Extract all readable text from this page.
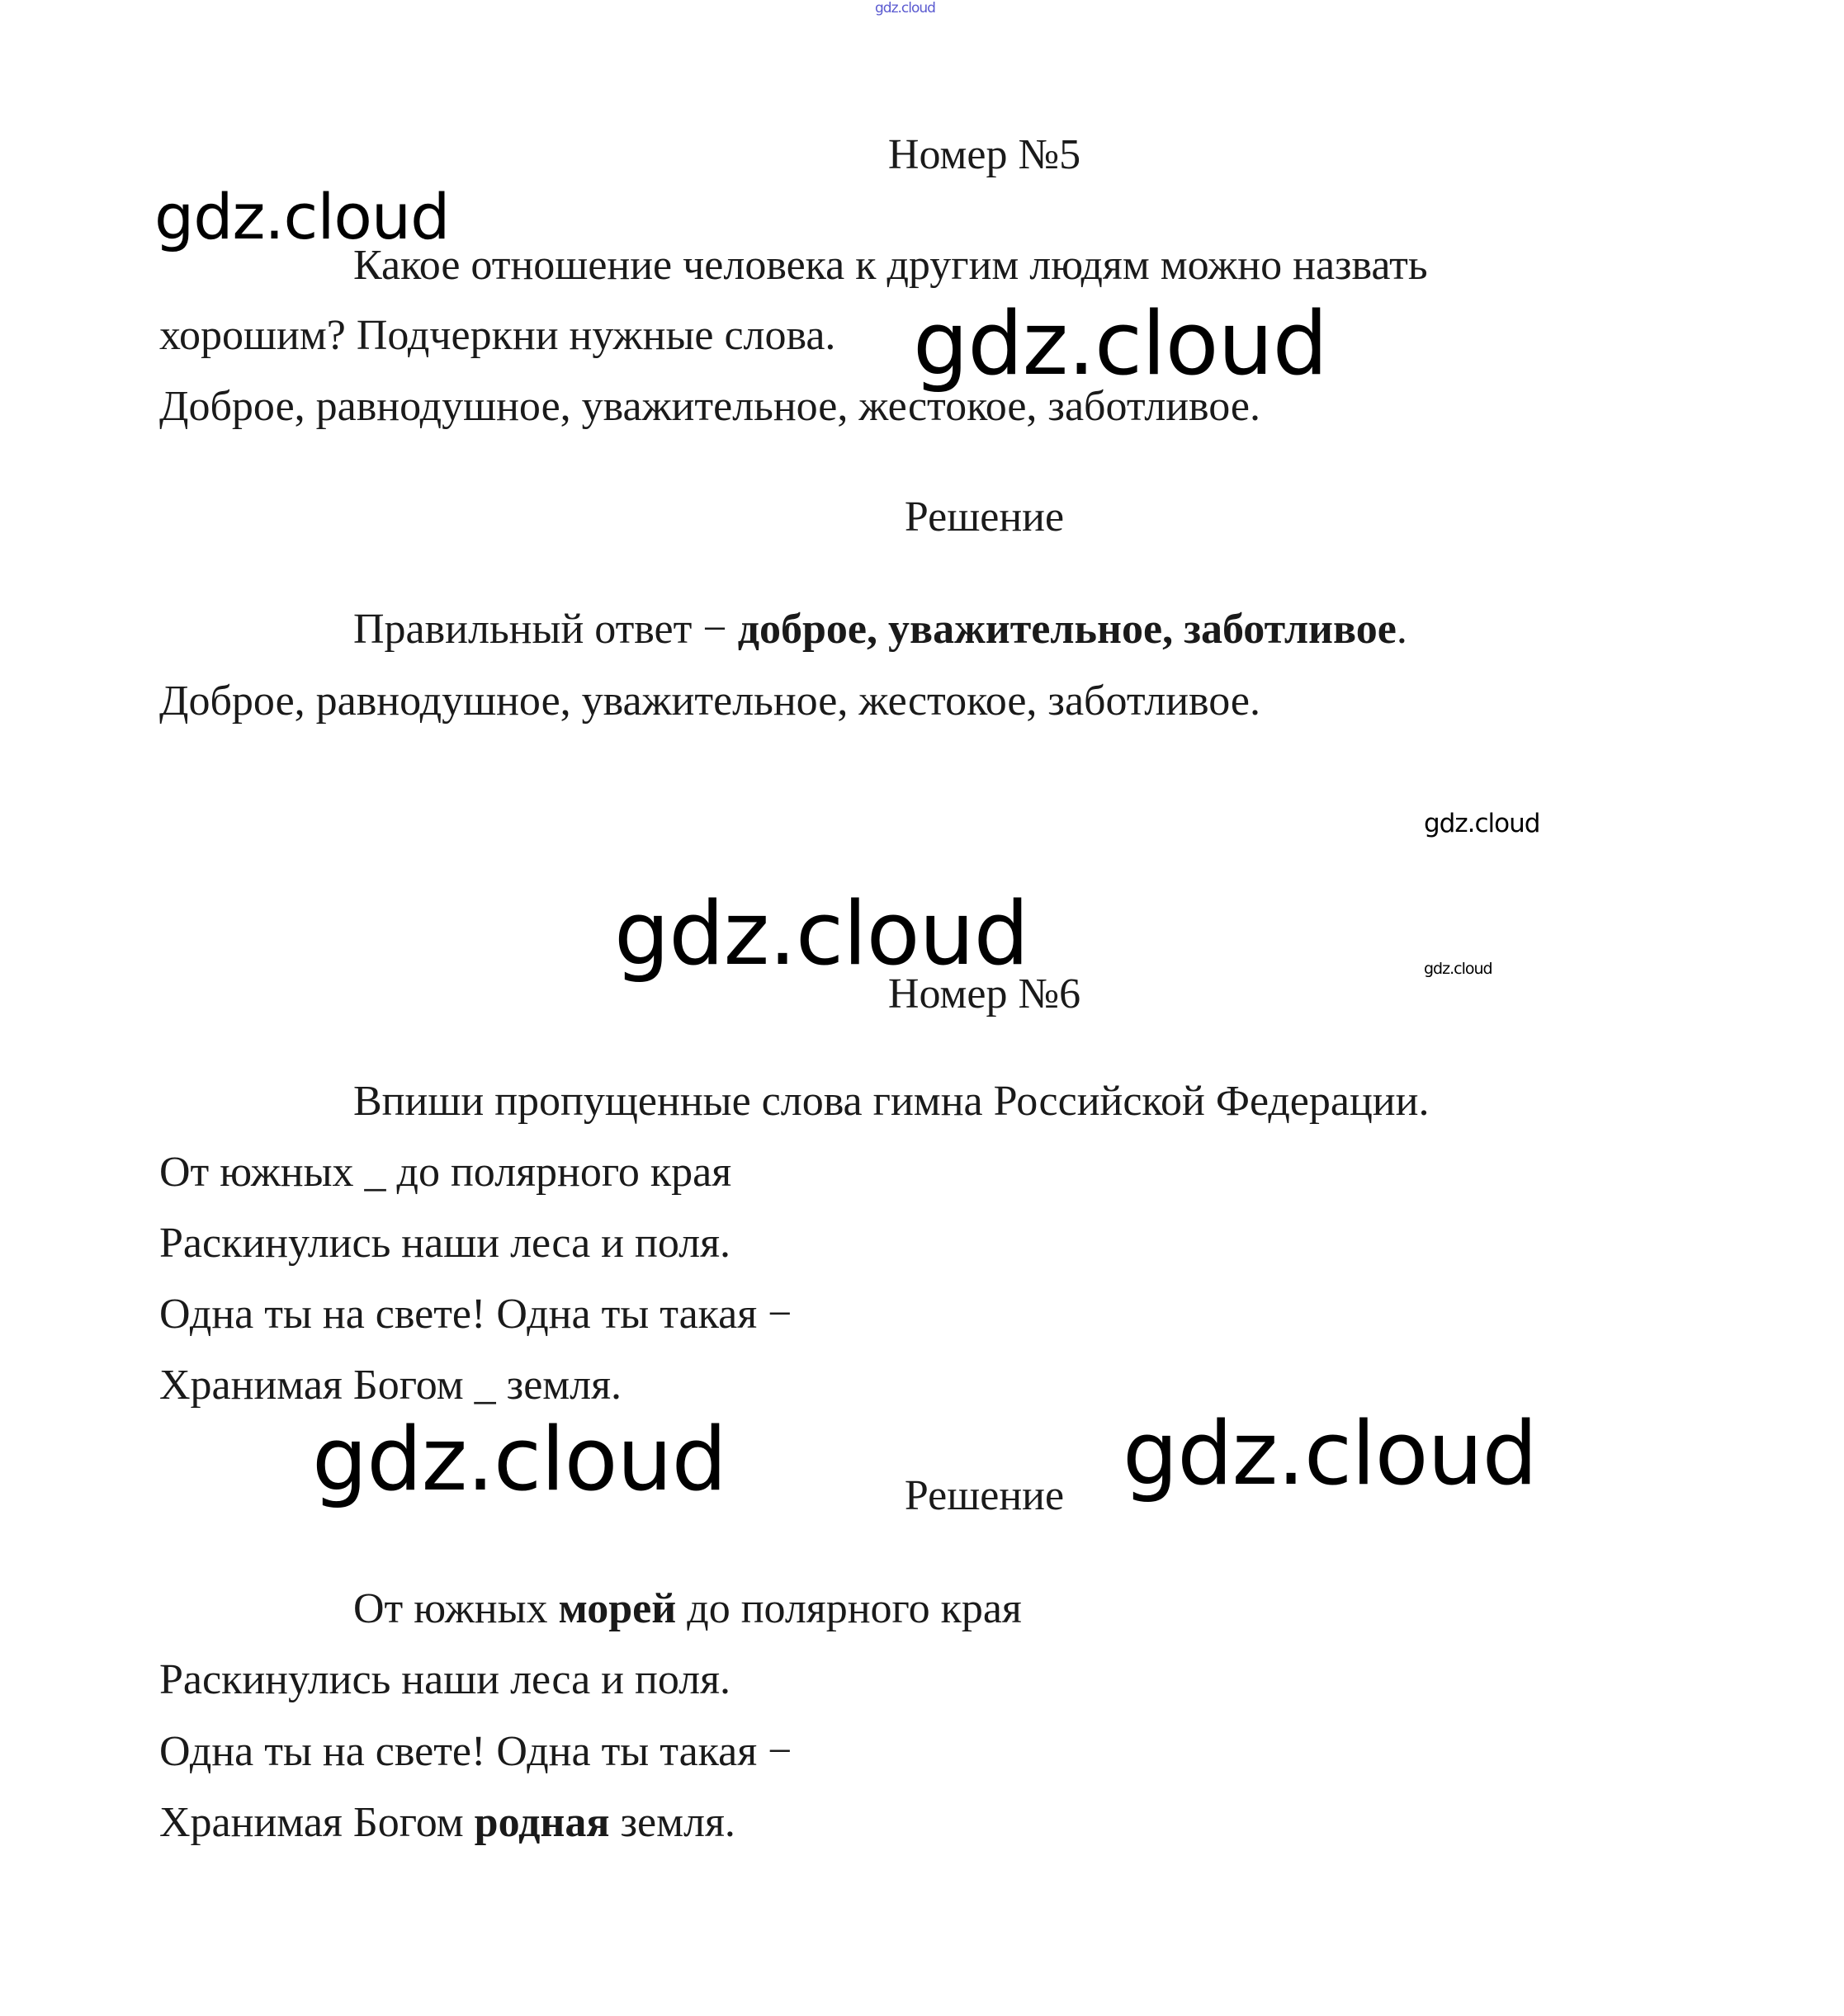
gdz.cloud
gdz.cloud
gdz.cloud
gdz.cloud
gdz.cloud	gdz.cloud
gdz.cloud	gdz.cloud
Номер №5
Какое отношение человека к другим людям можно назвать
хорошим? Подчеркни нужные слова.
Доброе, равнодушное, уважительное, жестокое, заботливое.
Решение
Правильный ответ − доброе, уважительное, заботливое.
Доброе, равнодушное, уважительное, жестокое, заботливое.
Номер №6
Впиши пропущенные слова гимна Российской Федерации.
От южных _ до полярного края
Раскинулись наши леса и поля.
Одна ты на свете! Одна ты такая −
Хранимая Богом _ земля.
Решение
От южных морей до полярного края
Раскинулись наши леса и поля.
Одна ты на свете! Одна ты такая −
Хранимая Богом родная земля.
